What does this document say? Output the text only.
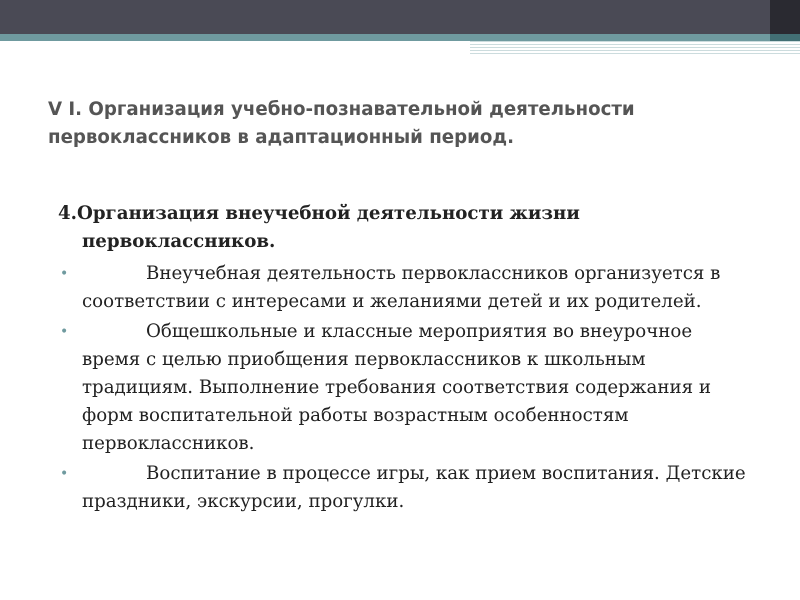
V I. Организация учебно-познавательной деятельности
первоклассников в адаптационный период.
4.Организация внеучебной деятельности жизни
первоклассников.
•	Внеучебная деятельность первоклассников организуется в соответствии с интересами и желаниями детей и их родителей.
•	Общешкольные и классные мероприятия во внеурочное время с целью приобщения первоклассников к школьным традициям. Выполнение требования соответствия содержания и форм воспитательной работы возрастным особенностям первоклассников.
•	Воспитание в процессе игры, как прием воспитания. Детские праздники, экскурсии, прогулки.
